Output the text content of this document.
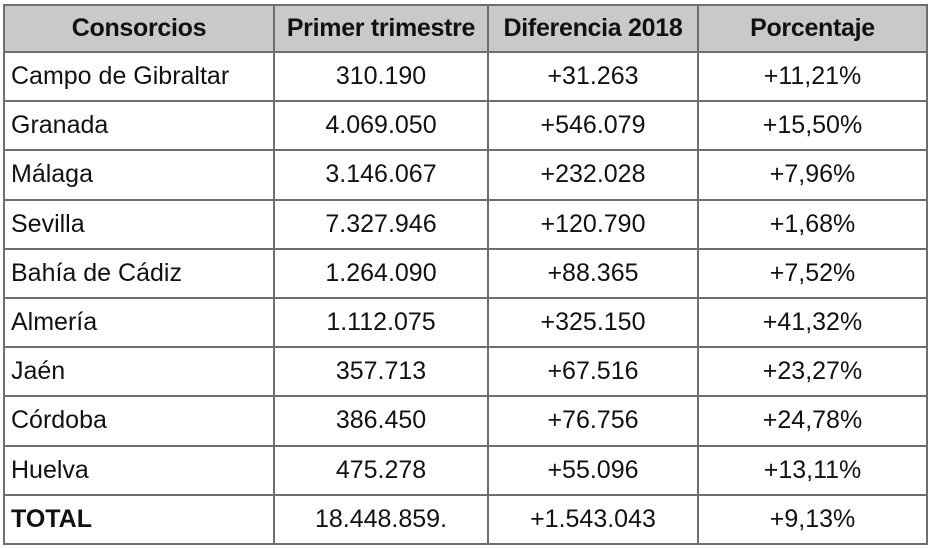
Consorcios	Primer trimestre	Diferencia 2018	Porcentaje
Campo de Gibraltar	310.190	+31.263	+11,21%
Granada	4.069.050	+546.079	+15,50%
Málaga	3.146.067	+232.028	+7,96%
Sevilla	7.327.946	+120.790	+1,68%
Bahía de Cádiz	1.264.090	+88.365	+7,52%
Almería	1.112.075	+325.150	+41,32%
Jaén	357.713	+67.516	+23,27%
Córdoba	386.450	+76.756	+24,78%
Huelva	475.278	+55.096	+13,11%
TOTAL	18.448.859.	+1.543.043	+9,13%
